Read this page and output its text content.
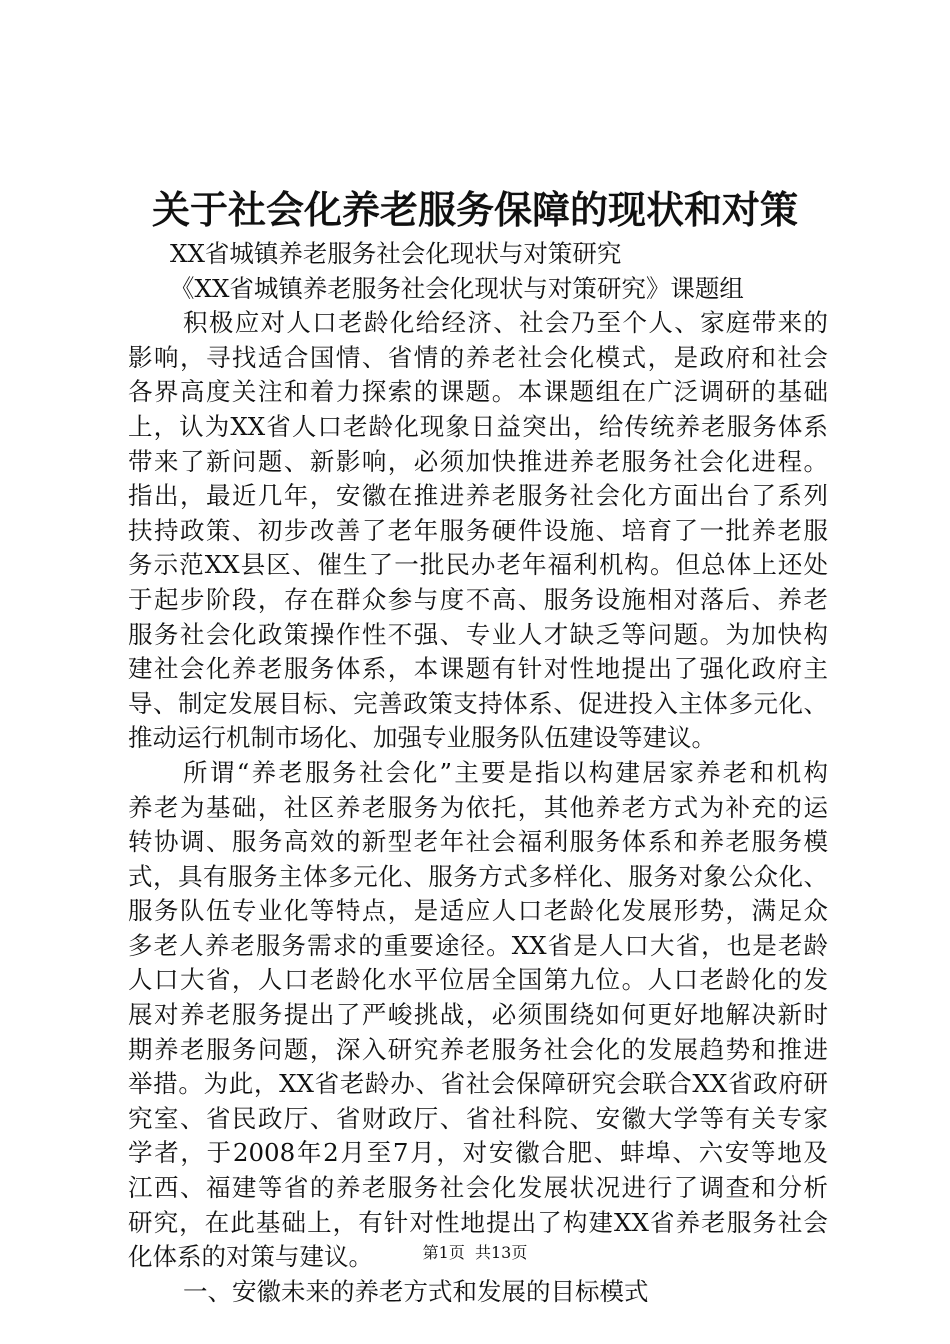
关于社会化养老服务保障的现状和对策

XX省城镇养老服务社会化现状与对策研究

《XX省城镇养老服务社会化现状与对策研究》课题组

积极应对人口老龄化给经济、社会乃至个人、家庭带来的

影响，寻找适合国情、省情的养老社会化模式，是政府和社会

各界高度关注和着力探索的课题。本课题组在广泛调研的基础

上，认为XX省人口老龄化现象日益突出，给传统养老服务体系

带来了新问题、新影响，必须加快推进养老服务社会化进程。

指出，最近几年，安徽在推进养老服务社会化方面出台了系列

扶持政策、初步改善了老年服务硬件设施、培育了一批养老服

务示范XX县区、催生了一批民办老年福利机构。但总体上还处

于起步阶段，存在群众参与度不高、服务设施相对落后、养老

服务社会化政策操作性不强、专业人才缺乏等问题。为加快构

建社会化养老服务体系，本课题有针对性地提出了强化政府主

导、制定发展目标、完善政策支持体系、促进投入主体多元化、

推动运行机制市场化、加强专业服务队伍建设等建议。

所谓“养老服务社会化”主要是指以构建居家养老和机构

养老为基础，社区养老服务为依托，其他养老方式为补充的运

转协调、服务高效的新型老年社会福利服务体系和养老服务模

式，具有服务主体多元化、服务方式多样化、服务对象公众化、

服务队伍专业化等特点，是适应人口老龄化发展形势，满足众

多老人养老服务需求的重要途径。XX省是人口大省，也是老龄

人口大省，人口老龄化水平位居全国第九位。人口老龄化的发

展对养老服务提出了严峻挑战，必须围绕如何更好地解决新时

期养老服务问题，深入研究养老服务社会化的发展趋势和推进

举措。为此，XX省老龄办、省社会保障研究会联合XX省政府研

究室、省民政厅、省财政厅、省社科院、安徽大学等有关专家

学者，于2008年2月至7月，对安徽合肥、蚌埠、六安等地及

江西、福建等省的养老服务社会化发展状况进行了调查和分析

研究，在此基础上，有针对性地提出了构建XX省养老服务社会

化体系的对策与建议。

一、安徽未来的养老方式和发展的目标模式

第1页  共13页
